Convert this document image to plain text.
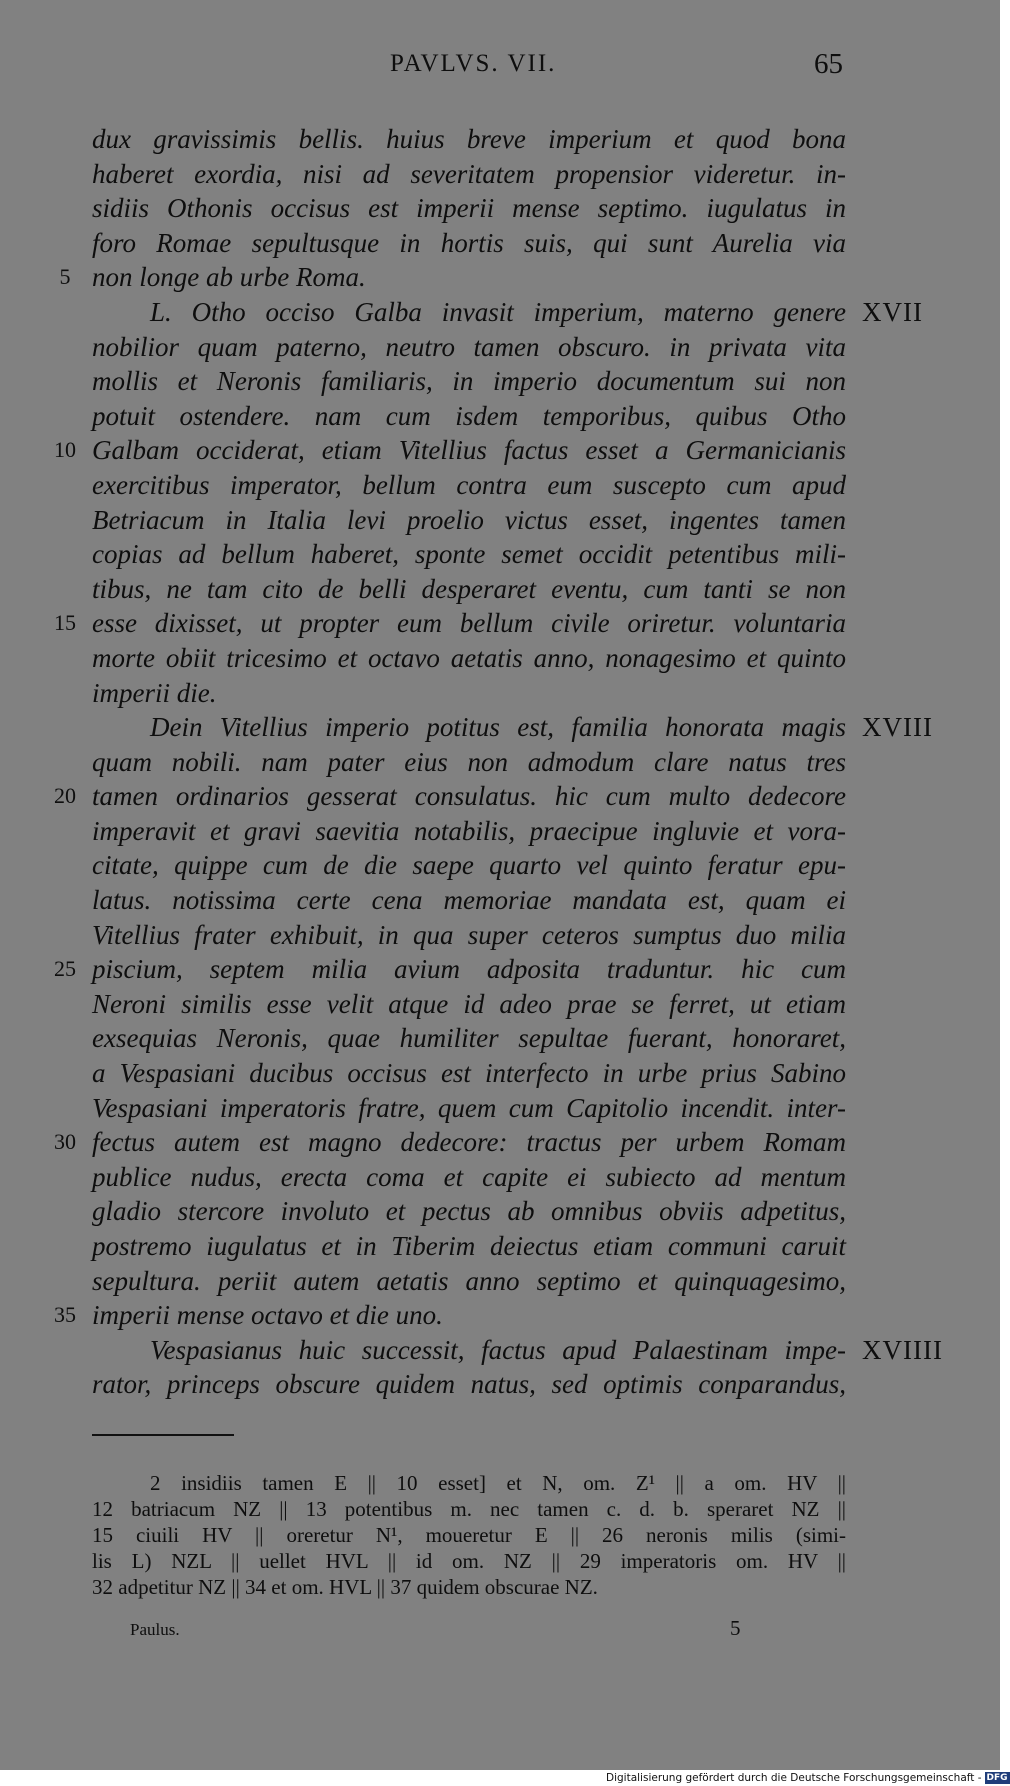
PAVLVS. VII.	65
dux gravissimis bellis. huius breve imperium et quod bona
haberet exordia, nisi ad severitatem propensior videretur. in-
sidiis Othonis occisus est imperii mense septimo. iugulatus in
foro Romae sepultusque in hortis suis, qui sunt Aurelia via
5 non longe ab urbe Roma.
L. Otho occiso Galba invasit imperium, materno genere XVII
nobilior quam paterno, neutro tamen obscuro. in privata vita
mollis et Neronis familiaris, in imperio documentum sui non
potuit ostendere. nam cum isdem temporibus, quibus Otho
10 Galbam occiderat, etiam Vitellius factus esset a Germanicianis
exercitibus imperator, bellum contra eum suscepto cum apud
Betriacum in Italia levi proelio victus esset, ingentes tamen
copias ad bellum haberet, sponte semet occidit petentibus mili-
tibus, ne tam cito de belli desperaret eventu, cum tanti se non
15 esse dixisset, ut propter eum bellum civile oriretur. voluntaria
morte obiit tricesimo et octavo aetatis anno, nonagesimo et quinto
imperii die.
Dein Vitellius imperio potitus est, familia honorata magis XVIII
quam nobili. nam pater eius non admodum clare natus tres
20 tamen ordinarios gesserat consulatus. hic cum multo dedecore
imperavit et gravi saevitia notabilis, praecipue ingluvie et vora-
citate, quippe cum de die saepe quarto vel quinto feratur epu-
latus. notissima certe cena memoriae mandata est, quam ei
Vitellius frater exhibuit, in qua super ceteros sumptus duo milia
25 piscium, septem milia avium adposita traduntur. hic cum
Neroni similis esse velit atque id adeo prae se ferret, ut etiam
exsequias Neronis, quae humiliter sepultae fuerant, honoraret,
a Vespasiani ducibus occisus est interfecto in urbe prius Sabino
Vespasiani imperatoris fratre, quem cum Capitolio incendit. inter-
30 fectus autem est magno dedecore: tractus per urbem Romam
publice nudus, erecta coma et capite ei subiecto ad mentum
gladio stercore involuto et pectus ab omnibus obviis adpetitus,
postremo iugulatus et in Tiberim deiectus etiam communi caruit
sepultura. periit autem aetatis anno septimo et quinquagesimo,
35 imperii mense octavo et die uno.
Vespasianus huic successit, factus apud Palaestinam impe- XVIIII
rator, princeps obscure quidem natus, sed optimis conparandus,
2 insidiis tamen E || 10 esset] et N, om. Z¹ || a om. HV ||
12 batriacum NZ || 13 potentibus m. nec tamen c. d. b. speraret NZ ||
15 ciuili HV || oreretur N¹, moueretur E || 26 neronis milis (simi-
lis L) NZL || uellet HVL || id om. NZ || 29 imperatoris om. HV ||
32 adpetitur NZ || 34 et om. HVL || 37 quidem obscurae NZ.
Paulus.	5
Digitalisierung gefördert durch die Deutsche Forschungsgemeinschaft - DFG
